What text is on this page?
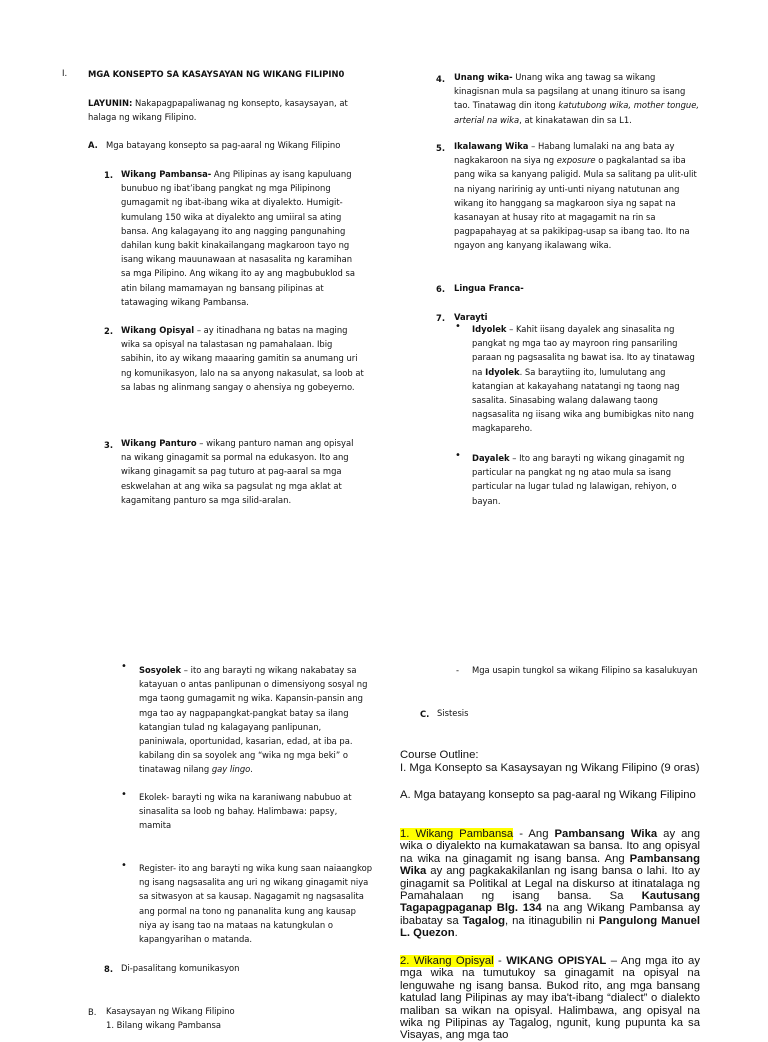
I. MGA KONSEPTO SA KASAYSAYAN NG WIKANG FILIPIN0
LAYUNIN: Nakapagpapaliwanag ng konsepto, kasaysayan, at halaga ng wikang Filipino.
A. Mga batayang konsepto sa pag-aaral ng Wikang Filipino
1. Wikang Pambansa- Ang Pilipinas ay isang kapuluang bunubuo ng ibat’ibang pangkat ng mga Pilipinong gumagamit ng ibat-ibang wika at diyalekto. Humigit-kumulang 150 wika at diyalekto ang umiiral sa ating bansa. Ang kalagayang ito ang nagging pangunahing dahilan kung bakit kinakailangang magkaroon tayo ng isang wikang mauunawaan at nasasalita ng karamihan sa mga Pilipino. Ang wikang ito ay ang magbubuklod sa atin bilang mamamayan ng bansang pilipinas at tatawaging wikang Pambansa.
2. Wikang Opisyal – ay itinadhana ng batas na maging wika sa opisyal na talastasan ng pamahalaan. Ibig sabihin, ito ay wikang maaaring gamitin sa anumang uri ng komunikasyon, lalo na sa anyong nakasulat, sa loob at sa labas ng alinmang sangay o ahensiya ng gobeyerno.
3. Wikang Panturo – wikang panturo naman ang opisyal na wikang ginagamit sa pormal na edukasyon. Ito ang wikang ginagamit sa pag tuturo at pag-aaral sa mga eskwelahan at ang wika sa pagsulat ng mga aklat at kagamitang panturo sa mga silid-aralan.
4. Unang wika- Unang wika ang tawag sa wikang kinagisnan mula sa pagsilang at unang itinuro sa isang tao. Tinatawag din itong katutubong wika, mother tongue, arterial na wika, at kinakatawan din sa L1.
5. Ikalawang Wika – Habang lumalaki na ang bata ay nagkakaroon na siya ng exposure o pagkalantad sa iba pang wika sa kanyang paligid. Mula sa salitang pa ulit-ulit na niyang naririnig ay unti-unti niyang natutunan ang wikang ito hanggang sa magkaroon siya ng sapat na kasanayan at husay rito at magagamit na rin sa pagpapahayag at sa pakikipag-usap sa ibang tao. Ito na ngayon ang kanyang ikalawang wika.
6. Lingua Franca-
7. Varayti
• Idyolek – Kahit iisang dayalek ang sinasalita ng pangkat ng mga tao ay mayroon ring pansariling paraan ng pagsasalita ng bawat isa. Ito ay tinatawag na Idyolek. Sa baraytiing ito, lumulutang ang katangian at kakayahang natatangi ng taong nag sasalita. Sinasabing walang dalawang taong nagsasalita ng iisang wika ang bumibigkas nito nang magkapareho.
• Dayalek – Ito ang barayti ng wikang ginagamit ng particular na pangkat ng ng atao mula sa isang particular na lugar tulad ng lalawigan, rehiyon, o bayan.
• Sosyolek – ito ang barayti ng wikang nakabatay sa katayuan o antas panlipunan o dimensiyong sosyal ng mga taong gumagamit ng wika. Kapansin-pansin ang mga tao ay nagpapangkat-pangkat batay sa ilang katangian tulad ng kalagayang panlipunan, paniniwala, oportunidad, kasarian, edad, at iba pa. kabilang din sa soyolek ang “wika ng mga beki” o tinatawag nilang gay lingo.
• Ekolek- barayti ng wika na karaniwang nabubuo at sinasalita sa loob ng bahay. Halimbawa: papsy, mamita
• Register- ito ang barayti ng wika kung saan naiaangkop ng isang nagsasalita ang uri ng wikang ginagamit niya sa sitwasyon at sa kausap. Nagagamit ng nagsasalita ang pormal na tono ng pananalita kung ang kausap niya ay isang tao na mataas na katungkulan o kapangyarihan o matanda.
8. Di-pasalitang komunikasyon
B. Kasaysayan ng Wikang Filipino
1. Bilang wikang Pambansa
- Mga usapin tungkol sa wikang Filipino sa kasalukuyan
C. Sistesis
Course Outline:
I. Mga Konsepto sa Kasaysayan ng Wikang Filipino (9 oras)
A. Mga batayang konsepto sa pag-aaral ng Wikang Filipino
1. Wikang Pambansa - Ang Pambansang Wika ay ang wika o diyalekto na kumakatawan sa bansa. Ito ang opisyal na wika na ginagamit ng isang bansa. Ang Pambansang Wika ay ang pagkakakilanlan ng isang bansa o lahi. Ito ay ginagamit sa Politikal at Legal na diskurso at itinatalaga ng Pamahalaan ng isang bansa. Sa Kautusang Tagapagpaganap Blg. 134 na ang Wikang Pambansa ay ibabatay sa Tagalog, na itinagubilin ni Pangulong Manuel L. Quezon.
2. Wikang Opisyal - WIKANG OPISYAL – Ang mga ito ay mga wika na tumutukoy sa ginagamit na opisyal na lenguwahe ng isang bansa. Bukod rito, ang mga bansang katulad lang Pilipinas ay may iba't-ibang “dialect” o dialekto maliban sa wikan na opisyal. Halimbawa, ang opisyal na wika ng Pilipinas ay Tagalog, ngunit, kung pupunta ka sa Visayas, ang mga tao
